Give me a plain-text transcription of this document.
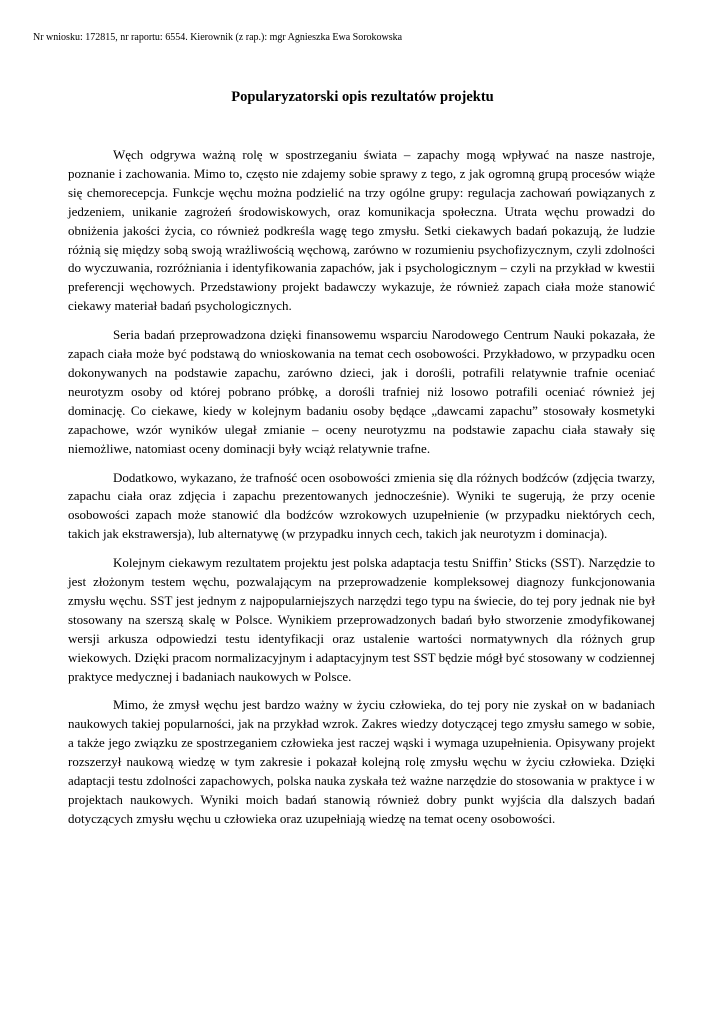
Nr wniosku: 172815, nr raportu: 6554. Kierownik (z rap.): mgr Agnieszka Ewa Sorokowska
Popularyzatorski opis rezultatów projektu

Węch odgrywa ważną rolę w spostrzeganiu świata – zapachy mogą wpływać na nasze nastroje, poznanie i zachowania. Mimo to, często nie zdajemy sobie sprawy z tego, z jak ogromną grupą procesów wiąże się chemorecepcja. Funkcje węchu można podzielić na trzy ogólne grupy: regulacja zachowań powiązanych z jedzeniem, unikanie zagrożeń środowiskowych, oraz komunikacja społeczna. Utrata węchu prowadzi do obniżenia jakości życia, co również podkreśla wagę tego zmysłu. Setki ciekawych badań pokazują, że ludzie różnią się między sobą swoją wrażliwością węchową, zarówno w rozumieniu psychofizycznym, czyli zdolności do wyczuwania, rozróżniania i identyfikowania zapachów, jak i psychologicznym – czyli na przykład w kwestii preferencji węchowych. Przedstawiony projekt badawczy wykazuje, że również zapach ciała może stanowić ciekawy materiał badań psychologicznych.

Seria badań przeprowadzona dzięki finansowemu wsparciu Narodowego Centrum Nauki pokazała, że zapach ciała może być podstawą do wnioskowania na temat cech osobowości. Przykładowo, w przypadku ocen dokonywanych na podstawie zapachu, zarówno dzieci, jak i dorośli, potrafili relatywnie trafnie oceniać neurotyzm osoby od której pobrano próbkę, a dorośli trafniej niż losowo potrafili oceniać również jej dominację. Co ciekawe, kiedy w kolejnym badaniu osoby będące „dawcami zapachu” stosowały kosmetyki zapachowe, wzór wyników ulegał zmianie – oceny neurotyzmu na podstawie zapachu ciała stawały się niemożliwe, natomiast oceny dominacji były wciąż relatywnie trafne.

Dodatkowo, wykazano, że trafność ocen osobowości zmienia się dla różnych bodźców (zdjęcia twarzy, zapachu ciała oraz zdjęcia i zapachu prezentowanych jednocześnie). Wyniki te sugerują, że przy ocenie osobowości zapach może stanowić dla bodźców wzrokowych uzupełnienie (w przypadku niektórych cech, takich jak ekstrawersja), lub alternatywę (w przypadku innych cech, takich jak neurotyzm i dominacja).

Kolejnym ciekawym rezultatem projektu jest polska adaptacja testu Sniffin’ Sticks (SST). Narzędzie to jest złożonym testem węchu, pozwalającym na przeprowadzenie kompleksowej diagnozy funkcjonowania zmysłu węchu. SST jest jednym z najpopularniejszych narzędzi tego typu na świecie, do tej pory jednak nie był stosowany na szerszą skalę w Polsce. Wynikiem przeprowadzonych badań było stworzenie zmodyfikowanej wersji arkusza odpowiedzi testu identyfikacji oraz ustalenie wartości normatywnych dla różnych grup wiekowych. Dzięki pracom normalizacyjnym i adaptacyjnym test SST będzie mógł być stosowany w codziennej praktyce medycznej i badaniach naukowych w Polsce.

Mimo, że zmysł węchu jest bardzo ważny w życiu człowieka, do tej pory nie zyskał on w badaniach naukowych takiej popularności, jak na przykład wzrok. Zakres wiedzy dotyczącej tego zmysłu samego w sobie, a także jego związku ze spostrzeganiem człowieka jest raczej wąski i wymaga uzupełnienia. Opisywany projekt rozszerzył naukową wiedzę w tym zakresie i pokazał kolejną rolę zmysłu węchu w życiu człowieka. Dzięki adaptacji testu zdolności zapachowych, polska nauka zyskała też ważne narzędzie do stosowania w praktyce i w projektach naukowych. Wyniki moich badań stanowią również dobry punkt wyjścia dla dalszych badań dotyczących zmysłu węchu u człowieka oraz uzupełniają wiedzę na temat oceny osobowości.
